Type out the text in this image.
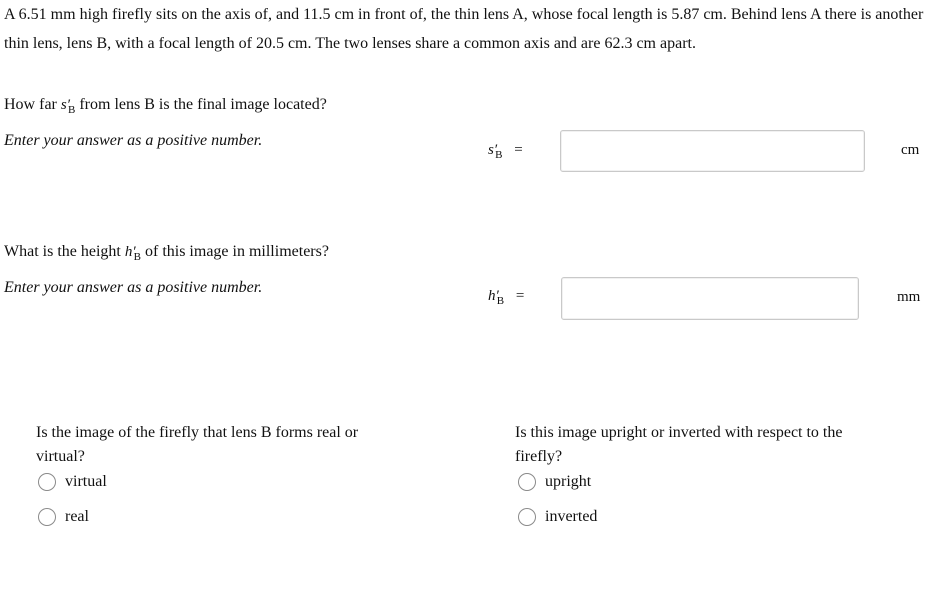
A 6.51 mm high firefly sits on the axis of, and 11.5 cm in front of, the thin lens A, whose focal length is 5.87 cm. Behind lens A there is another thin lens, lens B, with a focal length of 20.5 cm. The two lenses share a common axis and are 62.3 cm apart.
How far $s'_B$ from lens B is the final image located?
Enter your answer as a positive number.
$s'_B$ =	cm
What is the height $h'_B$ of this image in millimeters?
Enter your answer as a positive number.	$h'_B$ =	mm
Is the image of the firefly that lens B forms real or virtual?
virtual
real
Is this image upright or inverted with respect to the firefly?
upright
inverted
